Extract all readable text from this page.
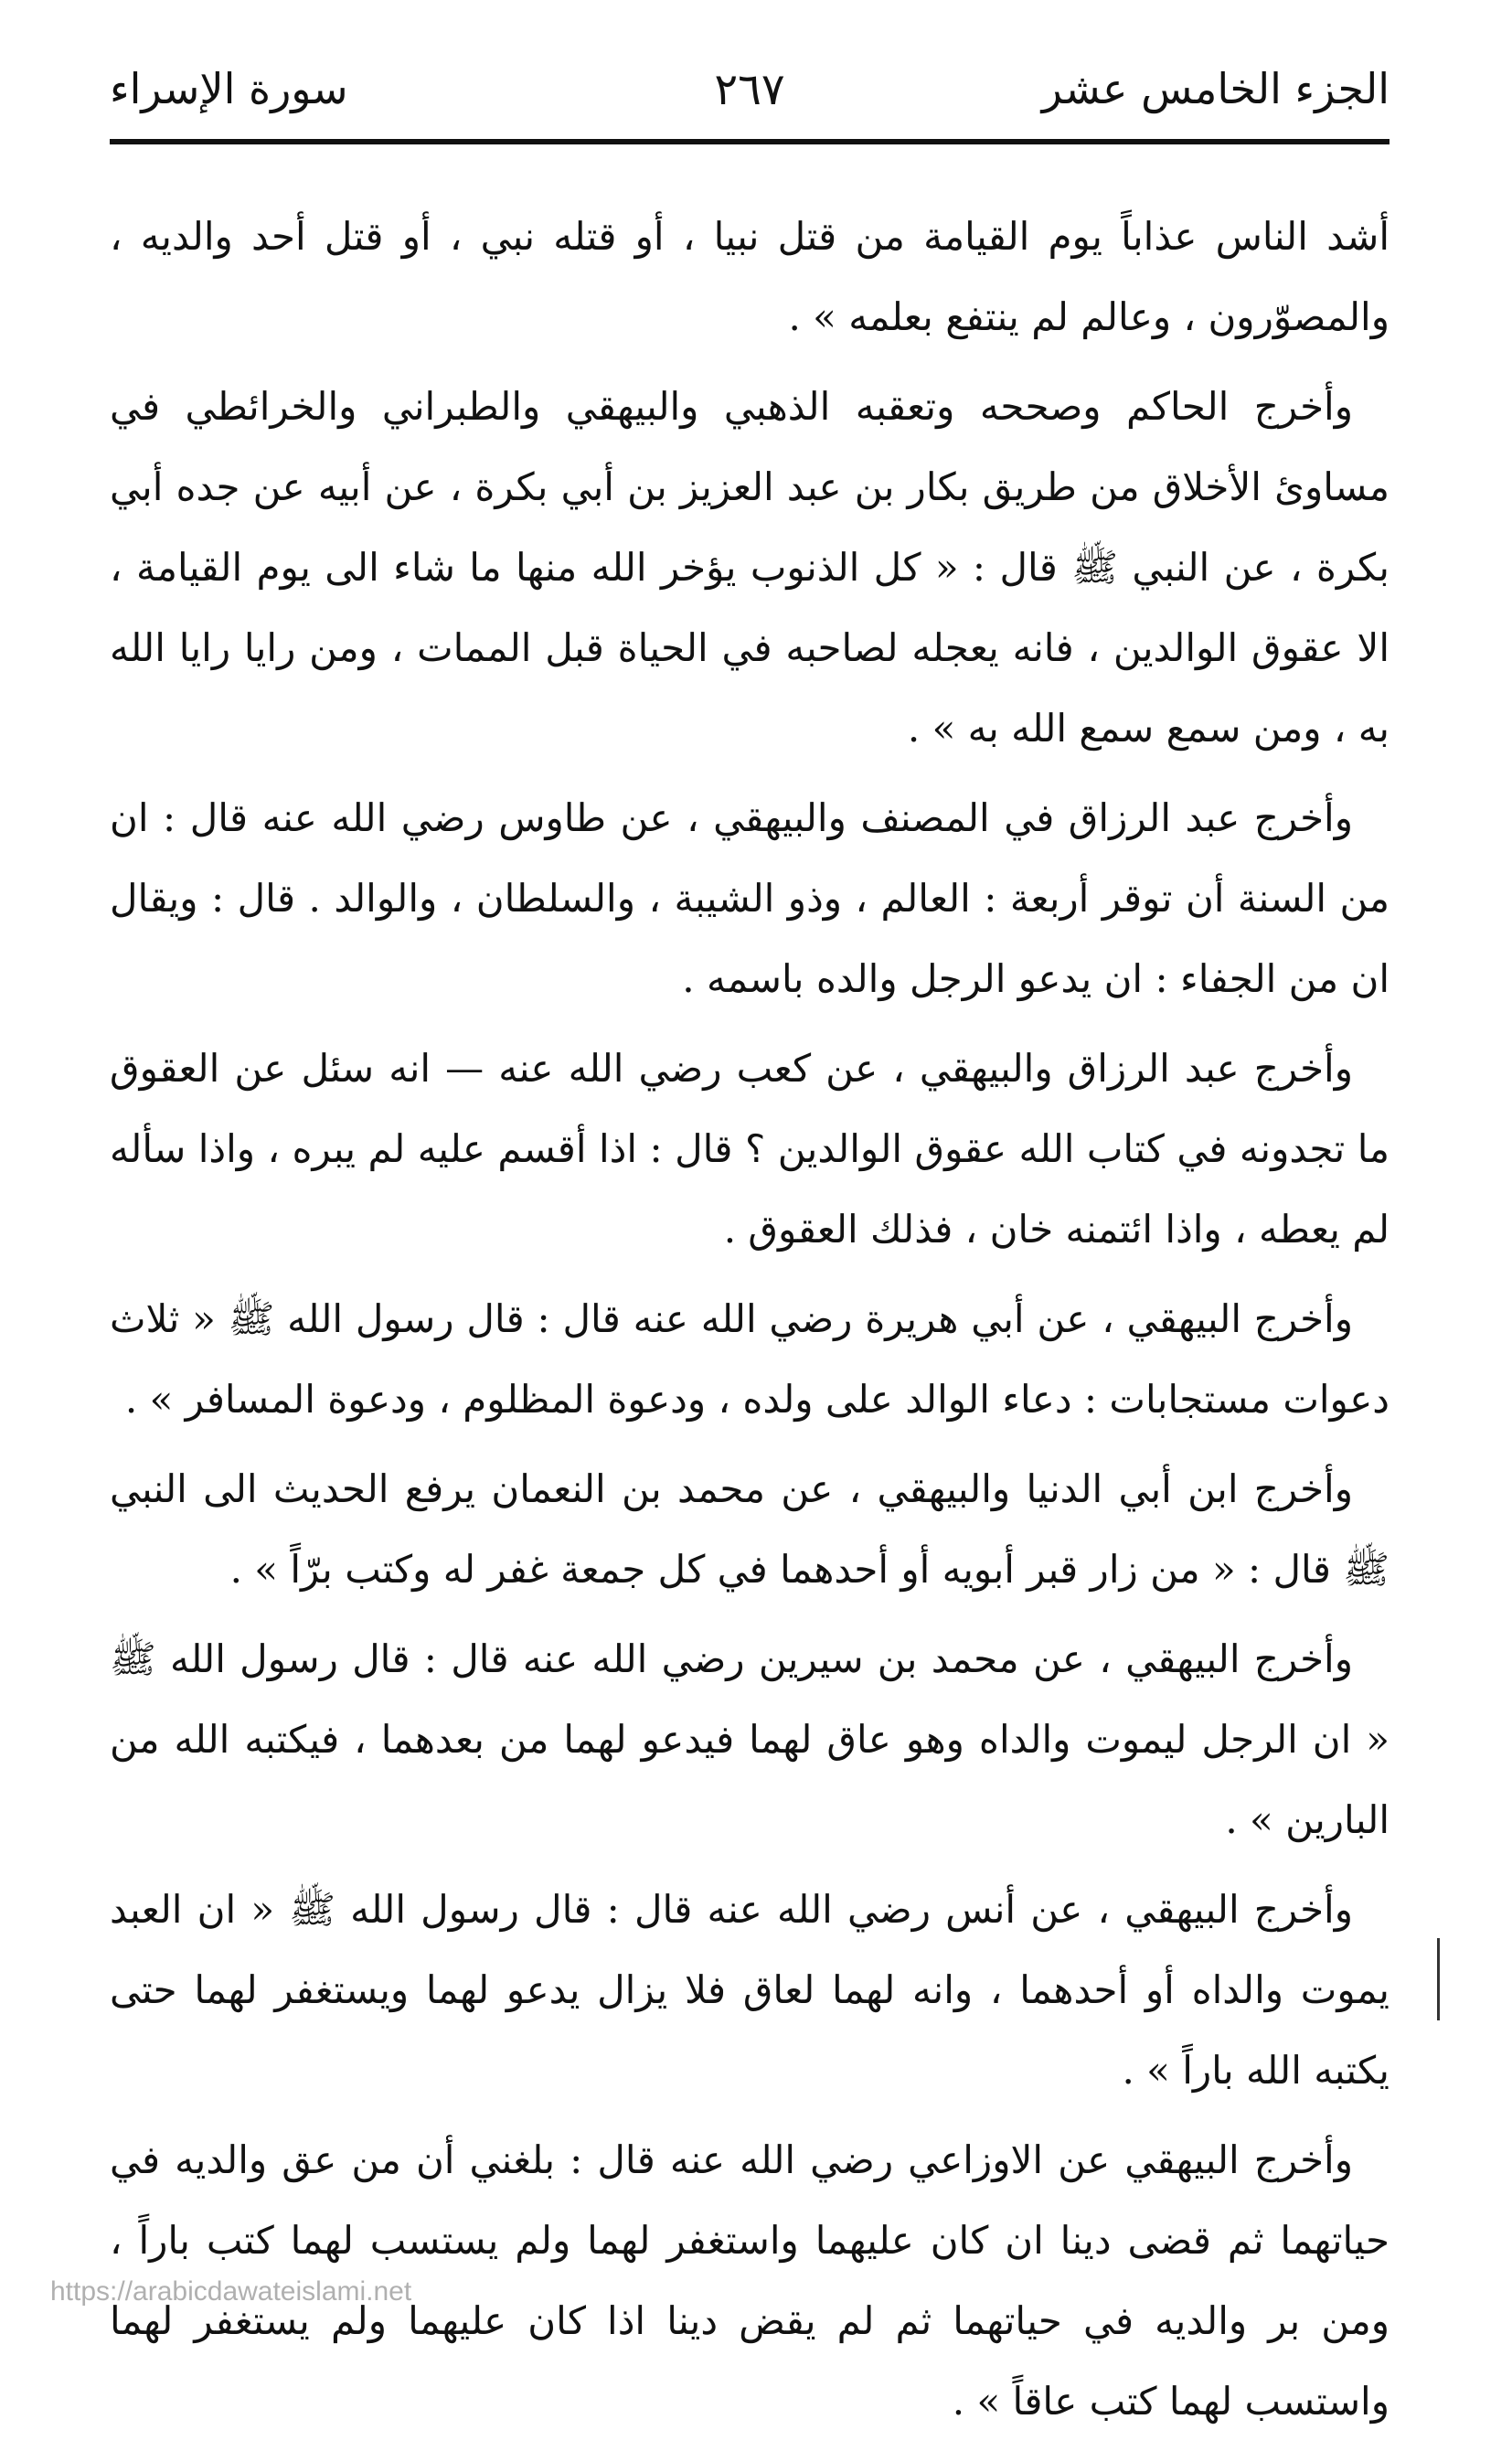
الجزء الخامس عشر
٢٦٧
سورة الإسراء

أشد الناس عذاباً يوم القيامة من قتل نبيا ، أو قتله نبي ، أو قتل أحد والديه ، والمصوّرون ، وعالم لم ينتفع بعلمه » .

وأخرج الحاكم وصححه وتعقبه الذهبي والبيهقي والطبراني والخرائطي في مساوئ الأخلاق من طريق بكار بن عبد العزيز بن أبي بكرة ، عن أبيه عن جده أبي بكرة ، عن النبي ﷺ قال : « كل الذنوب يؤخر الله منها ما شاء الى يوم القيامة ، الا عقوق الوالدين ، فانه يعجله لصاحبه في الحياة قبل الممات ، ومن رايا رايا الله به ، ومن سمع سمع الله به » .

وأخرج عبد الرزاق في المصنف والبيهقي ، عن طاوس رضي الله عنه قال : ان من السنة أن توقر أربعة : العالم ، وذو الشيبة ، والسلطان ، والوالد . قال : ويقال ان من الجفاء : ان يدعو الرجل والده باسمه .

وأخرج عبد الرزاق والبيهقي ، عن كعب رضي الله عنه — انه سئل عن العقوق ما تجدونه في كتاب الله عقوق الوالدين ؟ قال : اذا أقسم عليه لم يبره ، واذا سأله لم يعطه ، واذا ائتمنه خان ، فذلك العقوق .

وأخرج البيهقي ، عن أبي هريرة رضي الله عنه قال : قال رسول الله ﷺ « ثلاث دعوات مستجابات : دعاء الوالد على ولده ، ودعوة المظلوم ، ودعوة المسافر » .

وأخرج ابن أبي الدنيا والبيهقي ، عن محمد بن النعمان يرفع الحديث الى النبي ﷺ قال : « من زار قبر أبويه أو أحدهما في كل جمعة غفر له وكتب برّاً » .

وأخرج البيهقي ، عن محمد بن سيرين رضي الله عنه قال : قال رسول الله ﷺ « ان الرجل ليموت والداه وهو عاق لهما فيدعو لهما من بعدهما ، فيكتبه الله من البارين » .

وأخرج البيهقي ، عن أنس رضي الله عنه قال : قال رسول الله ﷺ « ان العبد يموت والداه أو أحدهما ، وانه لهما لعاق فلا يزال يدعو لهما ويستغفر لهما حتى يكتبه الله باراً » .

وأخرج البيهقي عن الاوزاعي رضي الله عنه قال : بلغني أن من عق والديه في حياتهما ثم قضى دينا ان كان عليهما واستغفر لهما ولم يستسب لهما كتب باراً ، ومن بر والديه في حياتهما ثم لم يقض دينا اذا كان عليهما ولم يستغفر لهما واستسب لهما كتب عاقاً » .

https://arabicdawateislami.net
